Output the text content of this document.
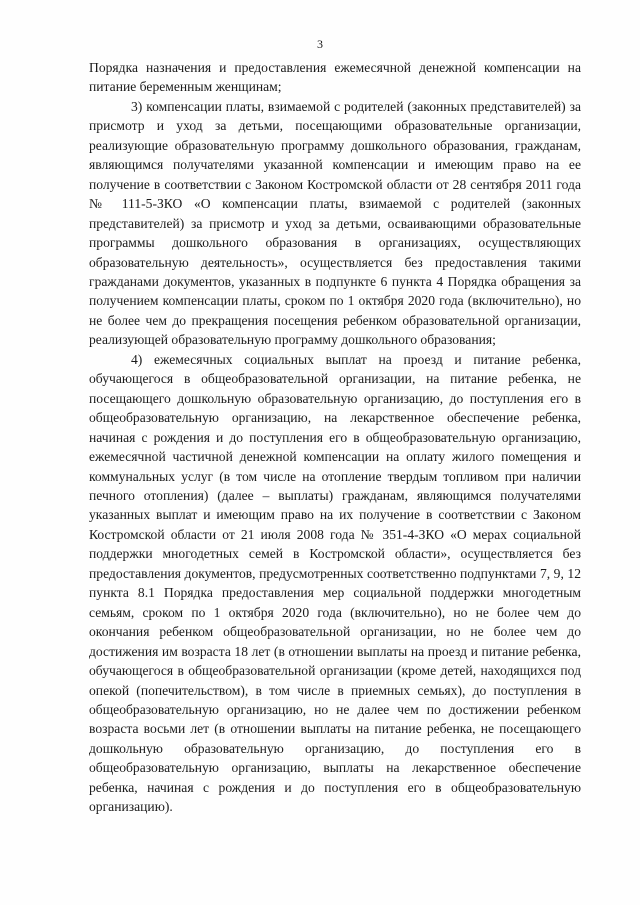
3

Порядка назначения и предоставления ежемесячной денежной компенсации на питание беременным женщинам;

3) компенсации платы, взимаемой с родителей (законных представителей) за присмотр и уход за детьми, посещающими образовательные организации, реализующие образовательную программу дошкольного образования, гражданам, являющимся получателями указанной компенсации и имеющим право на ее получение в соответствии с Законом Костромской области от 28 сентября 2011 года № 111-5-ЗКО «О компенсации платы, взимаемой с родителей (законных представителей) за присмотр и уход за детьми, осваивающими образовательные программы дошкольного образования в организациях, осуществляющих образовательную деятельность», осуществляется без предоставления такими гражданами документов, указанных в подпункте 6 пункта 4 Порядка обращения за получением компенсации платы, сроком по 1 октября 2020 года (включительно), но не более чем до прекращения посещения ребенком образовательной организации, реализующей образовательную программу дошкольного образования;

4) ежемесячных социальных выплат на проезд и питание ребенка, обучающегося в общеобразовательной организации, на питание ребенка, не посещающего дошкольную образовательную организацию, до поступления его в общеобразовательную организацию, на лекарственное обеспечение ребенка, начиная с рождения и до поступления его в общеобразовательную организацию, ежемесячной частичной денежной компенсации на оплату жилого помещения и коммунальных услуг (в том числе на отопление твердым топливом при наличии печного отопления) (далее – выплаты) гражданам, являющимся получателями указанных выплат и имеющим право на их получение в соответствии с Законом Костромской области от 21 июля 2008 года № 351-4-ЗКО «О мерах социальной поддержки многодетных семей в Костромской области», осуществляется без предоставления документов, предусмотренных соответственно подпунктами 7, 9, 12 пункта 8.1 Порядка предоставления мер социальной поддержки многодетным семьям, сроком по 1 октября 2020 года (включительно), но не более чем до окончания ребенком общеобразовательной организации, но не более чем до достижения им возраста 18 лет (в отношении выплаты на проезд и питание ребенка, обучающегося в общеобразовательной организации (кроме детей, находящихся под опекой (попечительством), в том числе в приемных семьях), до поступления в общеобразовательную организацию, но не далее чем по достижении ребенком возраста восьми лет (в отношении выплаты на питание ребенка, не посещающего дошкольную образовательную организацию, до поступления его в общеобразовательную организацию, выплаты на лекарственное обеспечение ребенка, начиная с рождения и до поступления его в общеобразовательную организацию).
